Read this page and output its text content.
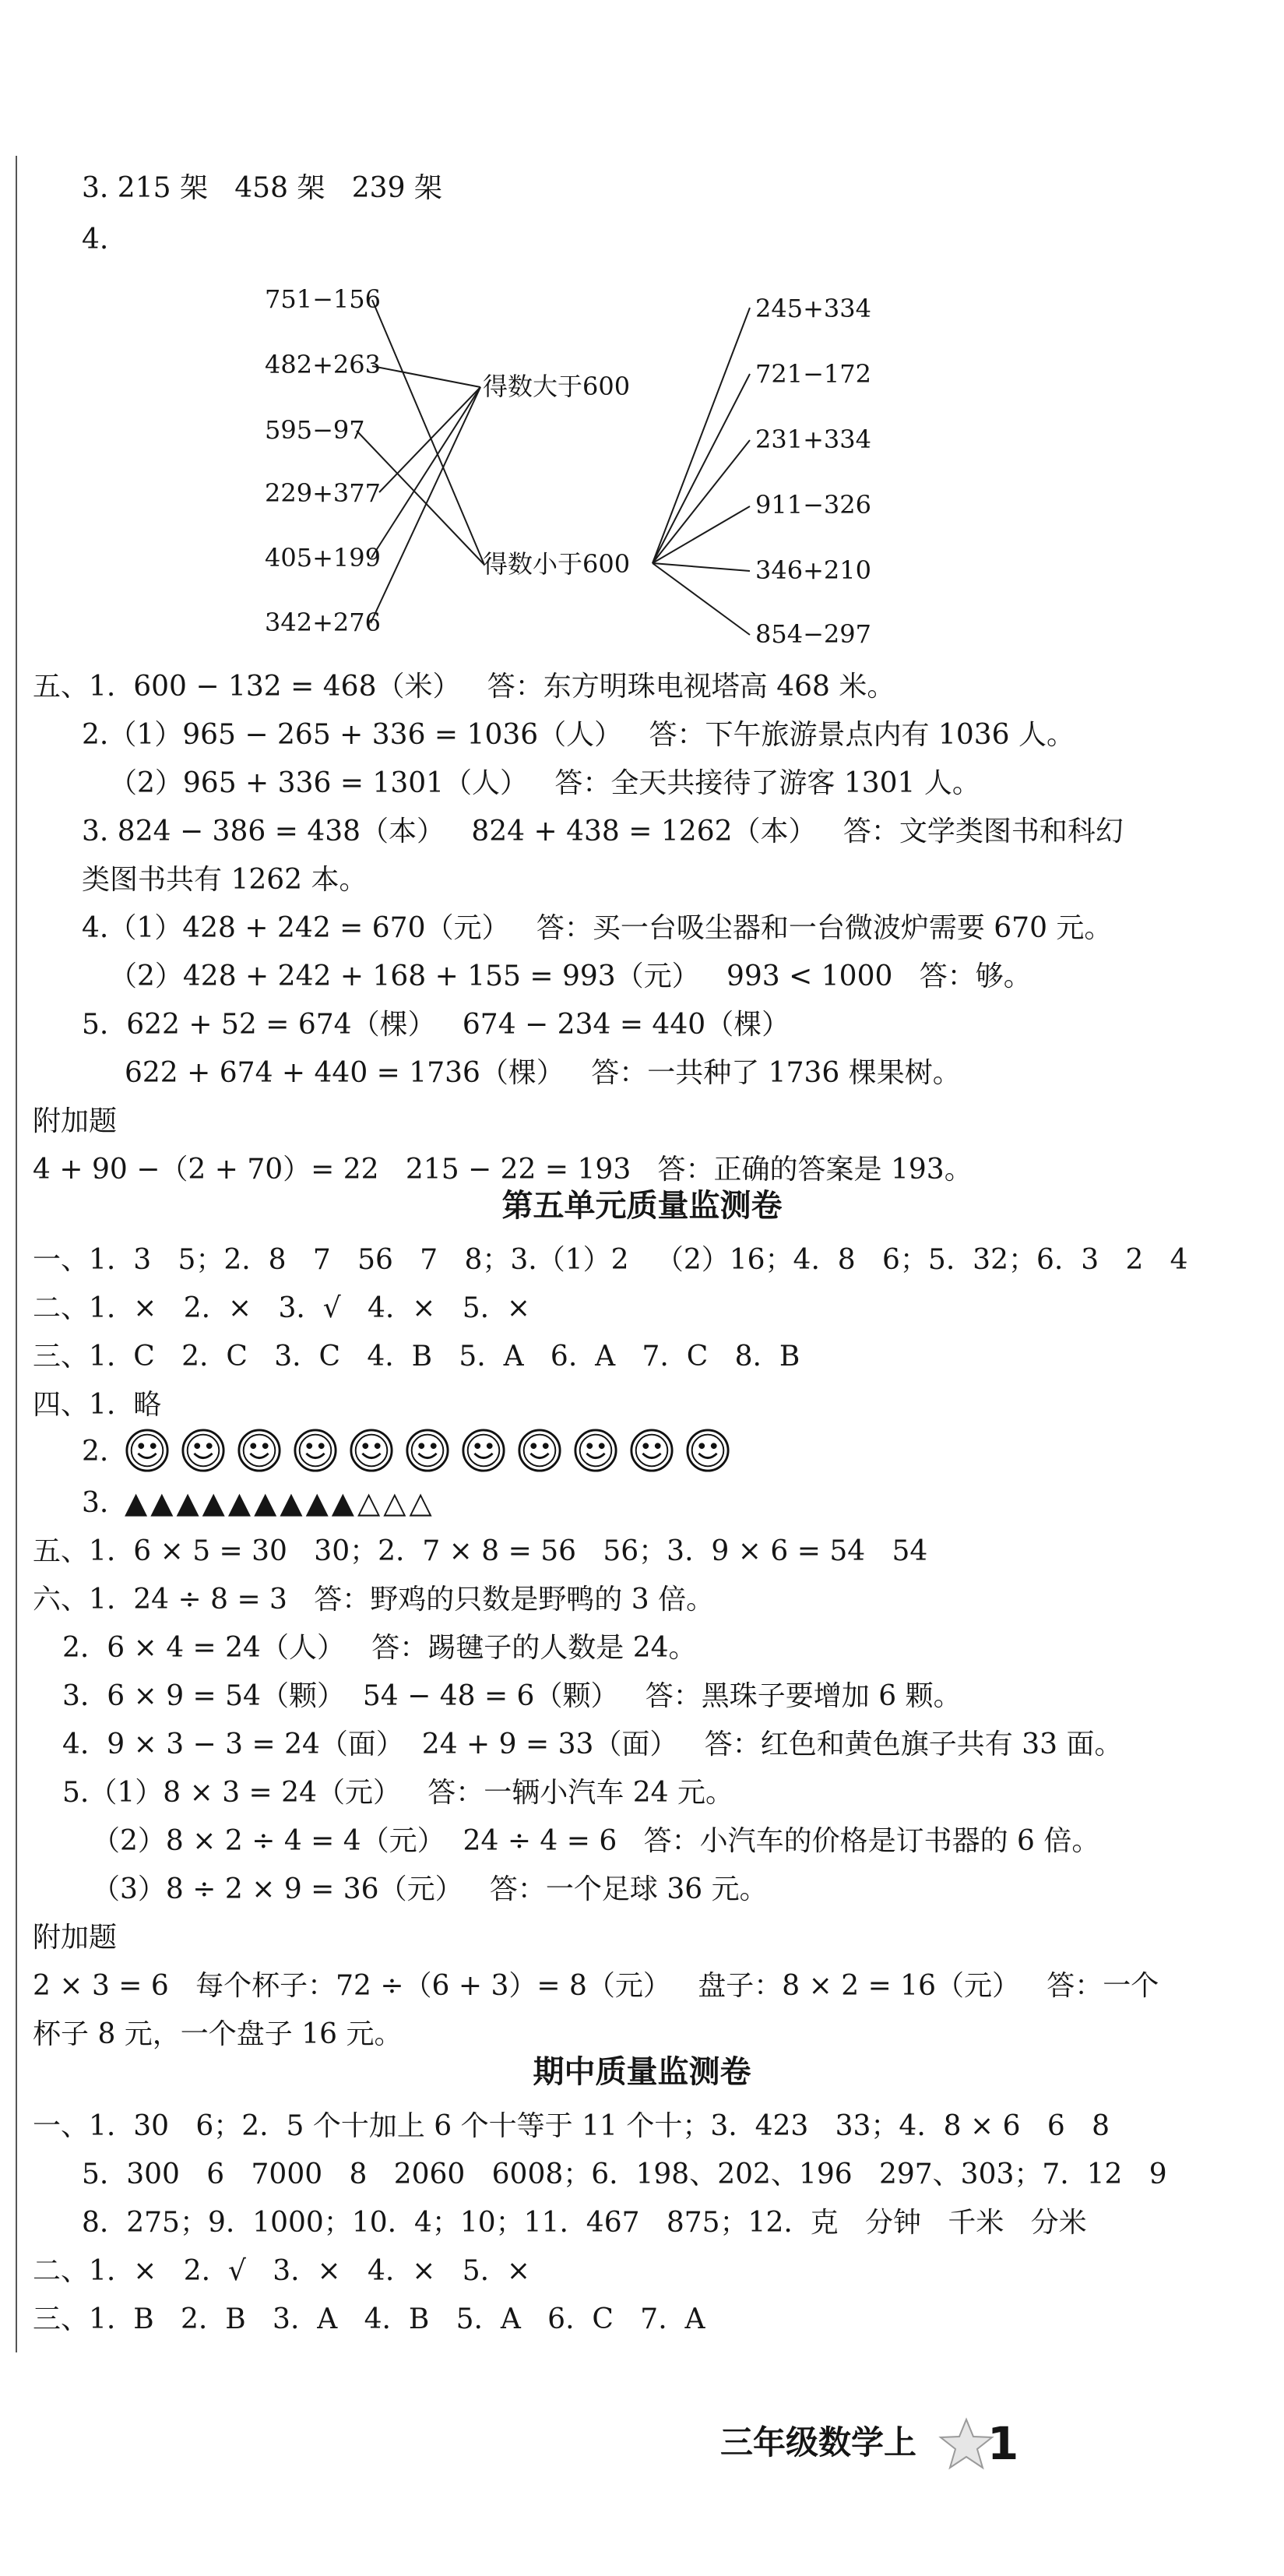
3. 215 架   458 架   239 架
4.
751−156
482+263
595−97
229+377
405+199
342+276
得数大于600
得数小于600
245+334
721−172
231+334
911−326
346+210
854−297
五、1.  600 − 132 = 468（米）   答：东方明珠电视塔高 468 米。
2.（1）965 − 265 + 336 = 1036（人）   答：下午旅游景点内有 1036 人。
（2）965 + 336 = 1301（人）   答：全天共接待了游客 1301 人。
3. 824 − 386 = 438（本）   824 + 438 = 1262（本）   答：文学类图书和科幻
类图书共有 1262 本。
4.（1）428 + 242 = 670（元）   答：买一台吸尘器和一台微波炉需要 670 元。
（2）428 + 242 + 168 + 155 = 993（元）   993 < 1000   答：够。
5.  622 + 52 = 674（棵）   674 − 234 = 440（棵）
622 + 674 + 440 = 1736（棵）   答：一共种了 1736 棵果树。
附加题
4 + 90 −（2 + 70）= 22   215 − 22 = 193   答：正确的答案是 193。
第五单元质量监测卷
一、1.  3   5；2.  8   7   56   7   8；3.（1）2   （2）16；4.  8   6；5.  32；6.  3   2   4
二、1.  ×   2.  ×   3.  √   4.  ×   5.  ×
三、1.  C   2.  C   3.  C   4.  B   5.  A   6.  A   7.  C   8.  B
四、1.  略
2.
3. ▲▲▲▲▲▲▲▲▲△△△
五、1.  6 × 5 = 30   30；2.  7 × 8 = 56   56；3.  9 × 6 = 54   54
六、1.  24 ÷ 8 = 3   答：野鸡的只数是野鸭的 3 倍。
2.  6 × 4 = 24（人）   答：踢毽子的人数是 24。
3.  6 × 9 = 54（颗）  54 − 48 = 6（颗）   答：黑珠子要增加 6 颗。
4.  9 × 3 − 3 = 24（面）  24 + 9 = 33（面）   答：红色和黄色旗子共有 33 面。
5.（1）8 × 3 = 24（元）   答：一辆小汽车 24 元。
（2）8 × 2 ÷ 4 = 4（元）  24 ÷ 4 = 6   答：小汽车的价格是订书器的 6 倍。
（3）8 ÷ 2 × 9 = 36（元）   答：一个足球 36 元。
附加题
2 × 3 = 6   每个杯子：72 ÷（6 + 3）= 8（元）   盘子：8 × 2 = 16（元）   答：一个
杯子 8 元，一个盘子 16 元。
期中质量监测卷
一、1.  30   6；2.  5 个十加上 6 个十等于 11 个十；3.  423   33；4.  8 × 6   6   8
5.  300   6   7000   8   2060   6008；6.  198、202、196   297、303；7.  12   9
8.  275；9.  1000；10.  4；10；11.  467   875；12.  克   分钟   千米   分米
二、1.  ×   2.  √   3.  ×   4.  ×   5.  ×
三、1.  B   2.  B   3.  A   4.  B   5.  A   6.  C   7.  A
三年级数学上 1
